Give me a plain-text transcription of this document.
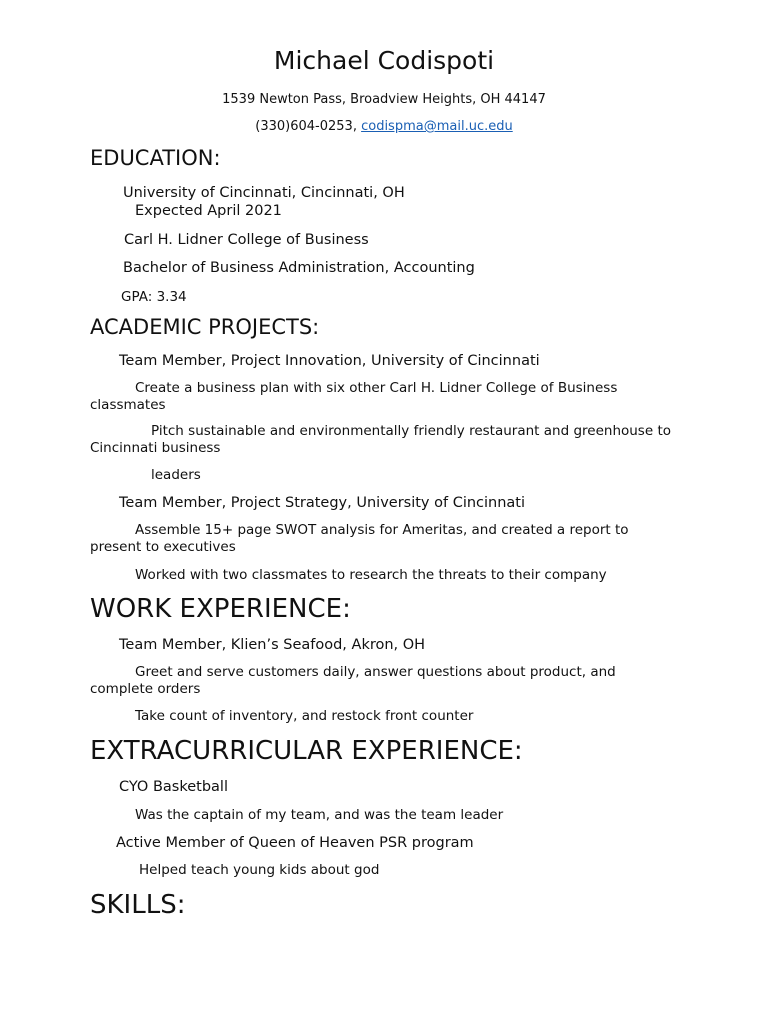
Michael Codispoti
1539 Newton Pass, Broadview Heights, OH 44147
(330)604-0253, codispma@mail.uc.edu
EDUCATION:
University of Cincinnati, Cincinnati, OH
Expected April 2021
Carl H. Lidner College of Business
Bachelor of Business Administration, Accounting
GPA: 3.34
ACADEMIC PROJECTS:
Team Member, Project Innovation, University of Cincinnati
Create a business plan with six other Carl H. Lidner College of Business classmates
Pitch sustainable and environmentally friendly restaurant and greenhouse to Cincinnati business
leaders
Team Member, Project Strategy, University of Cincinnati
Assemble 15+ page SWOT analysis for Ameritas, and created a report to present to executives
Worked with two classmates to research the threats to their company
WORK EXPERIENCE:
Team Member, Klien’s Seafood, Akron, OH
Greet and serve customers daily, answer questions about product, and complete orders
Take count of inventory, and restock front counter
EXTRACURRICULAR EXPERIENCE:
CYO Basketball
Was the captain of my team, and was the team leader
Active Member of Queen of Heaven PSR program
Helped teach young kids about god
SKILLS:
